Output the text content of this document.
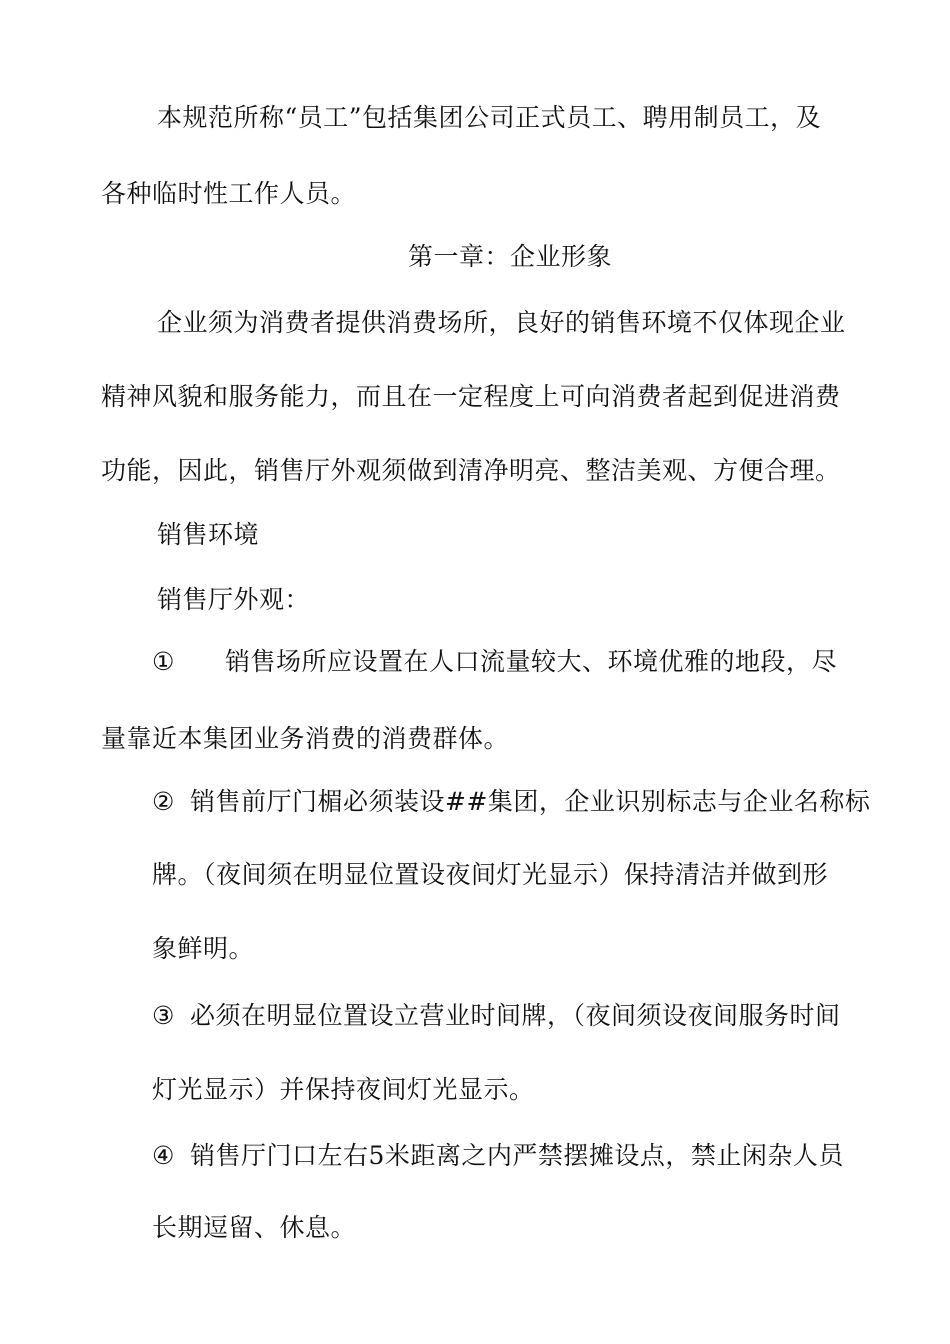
本规范所称“员工”包括集团公司正式员工、聘用制员工，及
各种临时性工作人员。
第一章：企业形象
企业须为消费者提供消费场所，良好的销售环境不仅体现企业
精神风貌和服务能力，而且在一定程度上可向消费者起到促进消费
功能，因此，销售厅外观须做到清净明亮、整洁美观、方便合理。
销售环境
销售厅外观：
① 销售场所应设置在人口流量较大、环境优雅的地段，尽
量靠近本集团业务消费的消费群体。
② 销售前厅门楣必须装设##集团，企业识别标志与企业名称标
牌。（夜间须在明显位置设夜间灯光显示）保持清洁并做到形
象鲜明。
③ 必须在明显位置设立营业时间牌，（夜间须设夜间服务时间
灯光显示）并保持夜间灯光显示。
④ 销售厅门口左右5米距离之内严禁摆摊设点，禁止闲杂人员
长期逗留、休息。
